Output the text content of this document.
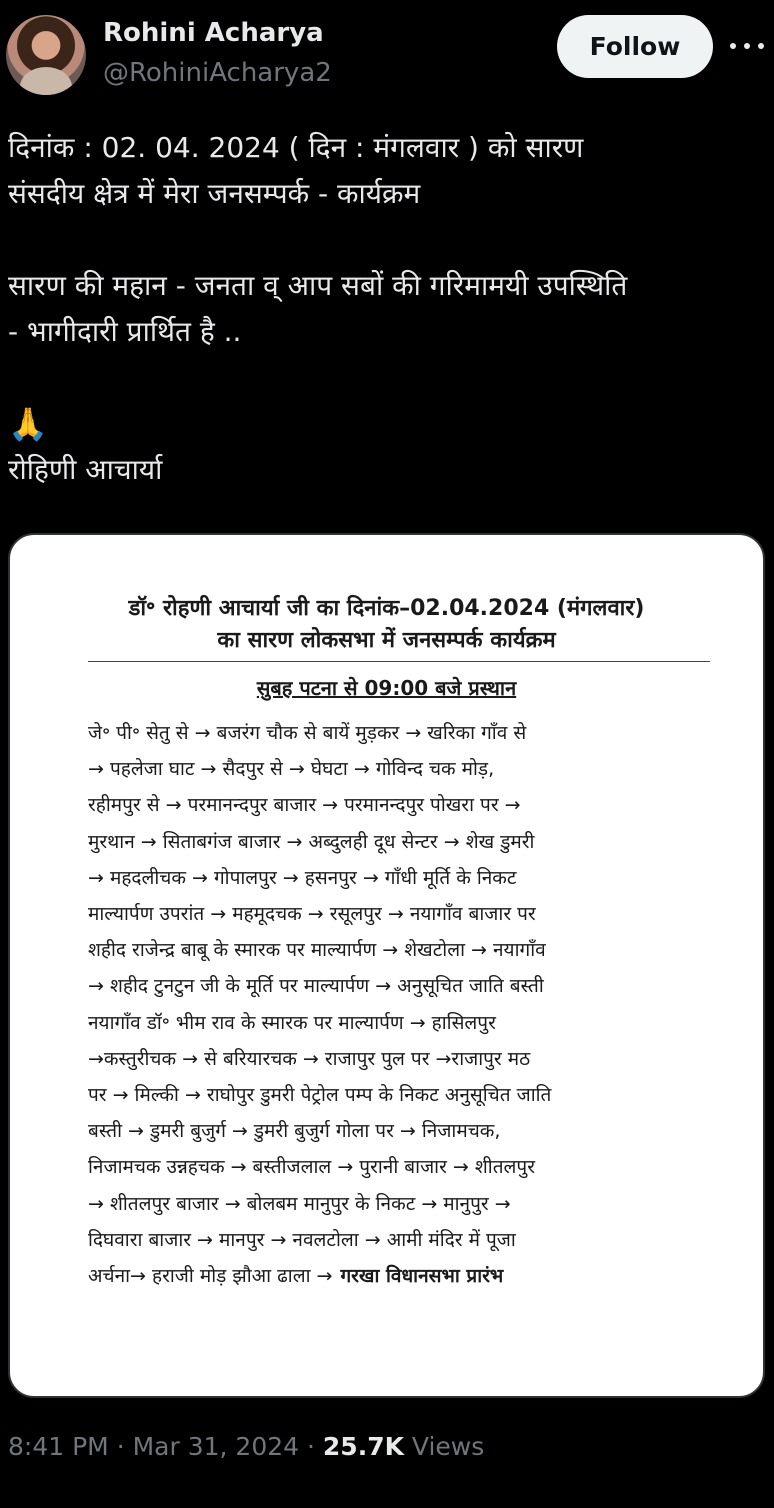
Rohini Acharya
@RohiniAcharya2
Follow

दिनांक : 02. 04. 2024 ( दिन : मंगलवार ) को सारण

संसदीय क्षेत्र में मेरा जनसम्पर्क - कार्यक्रम

सारण की महान - जनता व् आप सबों की गरिमामयी उपस्थिति

- भागीदारी प्रार्थित है ..

🙏

रोहिणी आचार्या

डॉ॰ रोहणी आचार्या जी का दिनांक–02.04.2024 (मंगलवार)
का सारण लोकसभा में जनसम्पर्क कार्यक्रम
सुबह पटना से 09:00 बजे प्रस्थान
जे॰ पी॰ सेतु से → बजरंग चौक से बायें मुड़कर → खरिका गाँव से
→ पहलेजा घाट → सैदपुर से → घेघटा → गोविन्द चक मोड़,
रहीमपुर से → परमानन्दपुर बाजार → परमानन्दपुर पोखरा पर →
मुरथान → सिताबगंज बाजार → अब्दुलही दूध सेन्टर → शेख डुमरी
→ महदलीचक → गोपालपुर → हसनपुर → गाँधी मूर्ति के निकट
माल्यार्पण उपरांत → महमूदचक → रसूलपुर → नयागाँव बाजार पर
शहीद राजेन्द्र बाबू के स्मारक पर माल्यार्पण → शेखटोला → नयागाँव
→ शहीद टुनटुन जी के मूर्ति पर माल्यार्पण → अनुसूचित जाति बस्ती
नयागाँव डॉ॰ भीम राव के स्मारक पर माल्यार्पण → हासिलपुर
→कस्तुरीचक → से बरियारचक → राजापुर पुल पर →राजापुर मठ
पर → मिल्की → राघोपुर डुमरी पेट्रोल पम्प के निकट अनुसूचित जाति
बस्ती → डुमरी बुजुर्ग → डुमरी बुजुर्ग गोला पर → निजामचक,
निजामचक उन्नहचक → बस्तीजलाल → पुरानी बाजार → शीतलपुर
→ शीतलपुर बाजार → बोलबम मानुपुर के निकट → मानुपुर →
दिघवारा बाजार → मानपुर → नवलटोला → आमी मंदिर में पूजा
अर्चना→ हराजी मोड़ झौआ ढाला → गरखा विधानसभा प्रारंभ
8:41 PM · Mar 31, 2024 · 25.7K Views
